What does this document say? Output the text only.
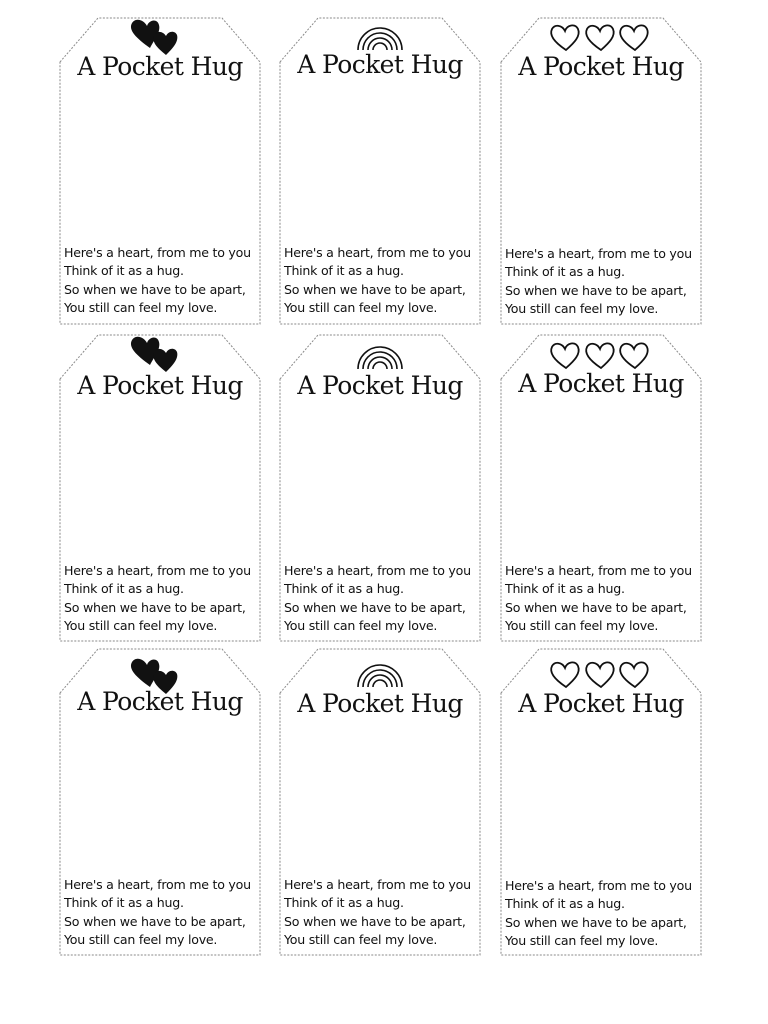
A Pocket Hug
Here's a heart, from me to you
Think of it as a hug.
So when we have to be apart,
You still can feel my love.
A Pocket Hug
Here's a heart, from me to you
Think of it as a hug.
So when we have to be apart,
You still can feel my love.
A Pocket Hug
Here's a heart, from me to you
Think of it as a hug.
So when we have to be apart,
You still can feel my love.
A Pocket Hug
Here's a heart, from me to you
Think of it as a hug.
So when we have to be apart,
You still can feel my love.
A Pocket Hug
Here's a heart, from me to you
Think of it as a hug.
So when we have to be apart,
You still can feel my love.
A Pocket Hug
Here's a heart, from me to you
Think of it as a hug.
So when we have to be apart,
You still can feel my love.
A Pocket Hug
Here's a heart, from me to you
Think of it as a hug.
So when we have to be apart,
You still can feel my love.
A Pocket Hug
Here's a heart, from me to you
Think of it as a hug.
So when we have to be apart,
You still can feel my love.
A Pocket Hug
Here's a heart, from me to you
Think of it as a hug.
So when we have to be apart,
You still can feel my love.
